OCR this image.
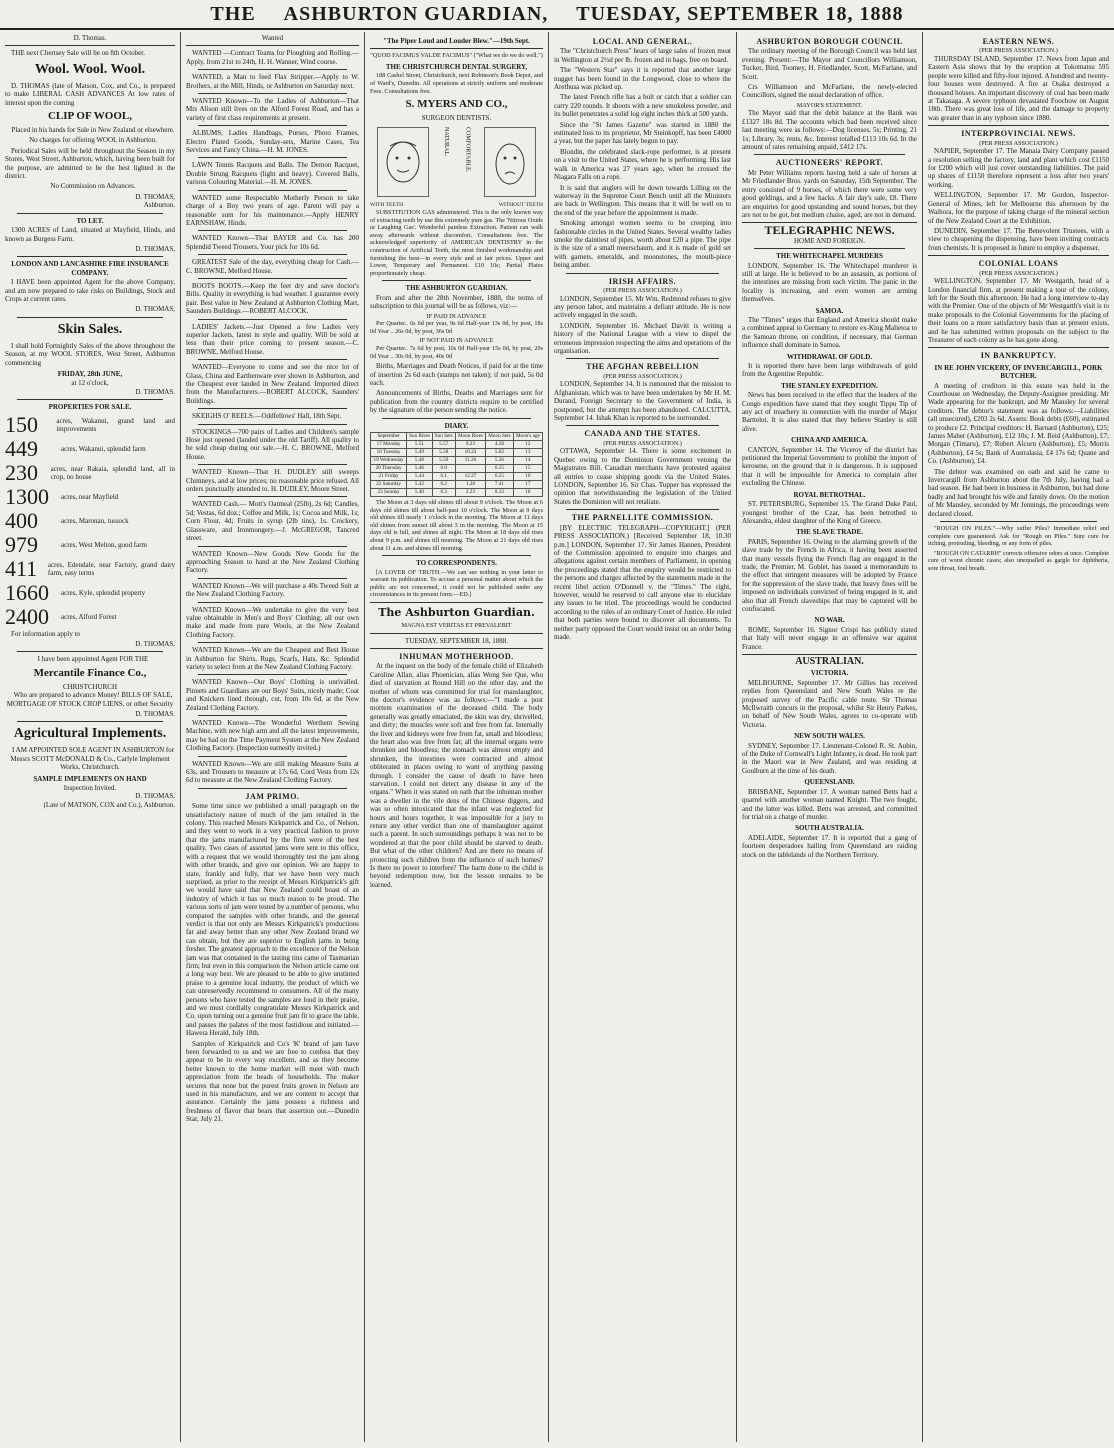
THE	ASHBURTON GUARDIAN,	TUESDAY, SEPTEMBER 18, 1888
D. Thomas.

THE next Chertsey Sale will be on 8th October.

Wool. Wool. Wool.

D. THOMAS (late of Matson, Cox, and Co., is prepared to make LIBERAL CASH ADVANCES At low rates of interest upon the coming

CLIP OF WOOL,

Placed in his hands for Sale in New Zealand or elsewhere.

No charges for offering WOOL in Ashburton.

Periodical Sales will be held throughout the Season in my Stores, West Street, Ashburton, which, having been built for the purpose, are admitted to be the best lighted in the district.

No Commission on Advances.

D. THOMAS,
Ashburton.
TO LET.

1300 ACRES of Land, situated at Mayfield, Hinds, and known as Burgess Farm.

D. THOMAS,
LONDON AND LANCASHIRE FIRE INSURANCE COMPANY.

I HAVE been appointed Agent for the above Company, and am now prepared to take risks on Buildings, Stock and Crops at current rates.

D. THOMAS,
Skin Sales.

I shall hold Fortnightly Sales of the above throughout the Season, at my WOOL STORES, West Street, Ashburton commencing

FRIDAY, 28th JUNE,
at 12 o'clock,
D. THOMAS.
PROPERTIES FOR SALE.
150	acres, Wakanui, grand land and improvements
449	acres, Wakanui, splendid farm
230	acres, near Rakaia, splendid land, all in crop, no house
1300	acres, near Mayfield
400	acres, Maronan, tussock
979	acres, West Melton, good farm
411	acres, Edendale, near Factory, grand dairy farm, easy terms
1660	acres, Kyle, splendid property
2400	acres, Alford Forest

For information apply to

D. THOMAS,

I have been appointed Agent FOR THE

Mercantile Finance Co.,
CHRISTCHURCH

Who are prepared to advance Money! BILLS OF SALE, MORTGAGE OF STOCK CROP LIENS, or other Security

D. THOMAS.
Agricultural Implements.

I AM APPOINTED SOLE AGENT IN ASHBURTON for Messrs SCOTT McDONALD & Co., Carlyle Implement Works, Christchurch.

SAMPLE IMPLEMENTS ON HAND
Inspection Invited.
D. THOMAS,
(Late of MATSON, COX and Co.), Ashburton.
Wanted

WANTED —Contract Teams for Ploughing and Rolling.—Apply, from 21st to 24th, H. H. Wanner, Wind course.

WANTED, a Man to feed Flax Stripper.—Apply to W. Brothers, at the Mill, Hinds, or Ashburton on Saturday next.

WANTED Known—To the Ladies of Ashburton—That Mrs Alison still lives on the Alford Forest Road, and has a variety of first class requirements at present.

ALBUMS, Ladies Handbags, Purses, Photo Frames, Electro Plated Goods, Sunday-sets, Marine Cases, Tea Services and Fancy China.—H. M. JONES.

LAWN Tennis Racquets and Balls. The Demon Racquet, Double Strung Racquets (light and heavy). Covered Balls, various Colouring Material.—H. M. JONES.

WANTED some Respectable Motherly Person to take charge of a Boy two years of age. Parent will pay a reasonable sum for his maintenance.—Apply HENRY EARNSHAW, Hinds.

WANTED Known—That BAYER and Co. has 200 Splendid Tweed Trousers. Your pick for 10s 6d.

GREATEST Sale of the day, everything cheap for Cash.—C. BROWNE, Melford House.

BOOTS BOOTS.—Keep the feet dry and save doctor's Bills. Quality in everything is bad weather. I guarantee every pair. Best value in New Zealand at Ashburton Clothing Mart, Saunders Buildings.—ROBERT ALCOCK.

LADIES' Jackets.—Just Opened a few Ladies very superior Jackets, latest in style and quality. Will be sold at less than their price coming to present season.—C. BROWNE, Melford House.

WANTED—Everyone to come and see the nice lot of Glass, China and Earthenware ever shown in Ashburton, and the Cheapest ever landed in New Zealand. Imported direct from the Manufacturers.—ROBERT ALCOCK, Saunders' Buildings.

SKEIGHS O' REELS.—Oddfellows' Hall, 18th Sept.

STOCKINGS—700 pairs of Ladies and Children's sample Hose just opened (landed under the old Tariff). All quality to be sold cheap during our sale.—H. C. BROWNE, Melford House.

WANTED Known—That H. DUDLEY still sweeps Chimneys, and at low prices; no reasonable price refused. All orders punctually attended to. H. DUDLEY, Moore Street.

WANTED Cash.— Mott's Oatmeal (25lb), 2s 6d; Candles, 5d; Vestas, 6d doz.; Coffee and Milk, 1s; Cocoa and Milk, 1s; Corn Flour, 4d; Fruits in syrup (2lb tins), 1s. Crockery, Glassware, and Ironmongery.—J. McGREGOR, Tancred street.

WANTED Known—New Goods New Goods for the approaching Season to hand at the New Zealand Clothing Factory.

WANTED Known—We will purchase a 40s Tweed Suit at the New Zealand Clothing Factory.

WANTED Known—We undertake to give the very best value obtainable in Men's and Boys' Clothing; all our own make and made from pure Wools, at the New Zealand Clothing Factory.

WANTED Known—We are the Cheapest and Best House in Ashburton for Shirts, Rugs, Scarfs, Hats, &c. Splendid variety to select from at the New Zealand Clothing Factory.

WANTED Known—Our Boys' Clothing is unrivalled. Pinnets and Guardians are our Boys' Suits, nicely made; Coat and Knickers lined through, cut, from 10s 6d, at the New Zealand Clothing Factory.

WANTED Known—The Wonderful Werthem Sewing Machine, with new high arm and all the latest improvements, may be had on the Time Payment System at the New Zealand Clothing Factory. (Inspection earnestly invited.)

WANTED Known—We are still making Measure Suits at 63s, and Trousers to measure at 17s 6d, Cord Vests from 12s 6d to measure at the New Zealand Clothing Factory.

JAM PRIMO.

Some time since we published a small paragraph on the unsatisfactory nature of much of the jam retailed in the colony. This reached Messrs Kirkpatrick and Co., of Nelson, and they went to work in a very practical fashion to prove that the jams manufactured by the firm were of the best quality. Two cases of assorted jams were sent to this office, with a request that we would thoroughly test the jam along with other brands, and give our opinion. We are happy to state, frankly and fully, that we have been very much surprised, as prior to the receipt of Messrs Kirkpatrick's gift we would have said that New Zealand could boast of an industry of which it has so much reason to be proud. The various sorts of jam were tested by a number of persons, who compared the samples with other brands, and the general verdict is that not only are Messrs Kirkpatrick's productions far and away better than any other New Zealand brand we can obtain, but they are superior to English jams in being fresher. The greatest approach to the excellence of the Nelson jam was that contained in the tasting tins came of Tasmanian firm; but even in this comparison the Nelson article came out a long way best. We are pleased to be able to give unstinted praise to a genuine local industry, the product of which we can unreservedly recommend to consumers. All of the many persons who have tested the samples are loud in their praise, and we must cordially congratulate Messrs Kirkpatrick and Co. upon turning out a genuine fruit jam fit to grace the table, and passes the palates of the most fastidious and initiated.—Hawera Herald, July 18th.

Samples of Kirkpatrick and Co's 'K' brand of jam have been forwarded to us and we are free to confess that they appear to be in every way excellent, and as they become better known to the home market will meet with much appreciation from the heads of households. The maker secures that none but the purest fruits grown in Nelson are used in his manufacture, and we are content to accept that assurance. Certainly the jams possess a richness and freshness of flavor that bears that assertion out.—Dunedin Star, July 21.

"The Piper Loud and Louder Blew."—19th Sept.
"QUOD FACIMUS VALDE FACIMUS" ("What we do we do well.")
THE CHRISTCHURCH DENTAL SURGERY,

188 Cashel Street, Christchurch, next Robinson's Book Depot, and of Ward's, Dunedin. All operations at strictly uniform and moderate Fees. Consultations free.

S. MYERS AND CO.,
SURGEON DENTISTS.
NATURAL.	COMFORTABLE.
WITH TEETH	WITHOUT TEETH

SUBSTITUTION GAS administered. This is the only known way of extracting teeth by use this extremely pure gas. The 'Nitrous Oxide or Laughing Gas'. Wonderful painless Extraction. Patient can walk away afterwards without discomfort. Consultations free. The acknowledged superiority of AMERICAN DENTISTRY in the construction of Artificial Teeth, the most finished workmanship and furnishing the best—in every style and at fair prices. Upper and Lower, Temporary and Permanent. £10 10s; Partial Plates proportionately cheap.

THE ASHBURTON GUARDIAN.

From and after the 28th November, 1888, the terms of subscription to this journal will be as follows, viz:—

IF PAID IN ADVANCE

Per Quarter.. 6s 6d per year, 9s 6d Half-year 13s 0d, by post, 18s 0d Year .. 26s 0d, by post, 36s 0d

IF NOT PAID IN ADVANCE

Per Quarter.. 7s 6d by post, 10s 0d Half-year 15s 0d, by post, 20s 0d Year .. 30s 0d, by post, 40s 0d

Births, Marriages and Death Notices, if paid for at the time of insertion 2s 6d each (stamps not taken); if not paid, 5s 0d each.

Announcements of Births, Deaths and Marriages sent for publication from the country districts require to be certified by the signature of the person sending the notice.

DIARY.
September	Sun Rises	Sun Sets	Moon Rises	Moon Sets	Moon's age
17 Monday	5.51	5.57	9.23	4.28	12
18 Tuesday	5.49	5.58	10.23	5.02	13
19 Wednesday	5.48	5.59	11.26	5.36	14
20 Thursday	5.46	6.0		6.15	15
21 Friday	5.44	6.1	12.27	6.55	16
22 Saturday	5.42	6.2	1.28	7.41	17
23 Sunday	5.40	6.3	2.23	8.33	18

The Moon at 3 days old shines till about 9 o'clock. The Moon at 6 days old shines till about half-past 10 o'clock. The Moon at 9 days old shines till nearly 1 o'clock in the morning. The Moon at 11 days old shines from sunset till about 3 in the morning. The Moon at 15 days old is full, and shines all night. The Moon at 18 days old rises about 9 p.m. and shines till morning. The Moon at 21 days old rises about 11 a.m. and shines till morning.

TO CORRESPONDENTS.

[A LOVER OF TRUTH.—We can see nothing in your letter to warrant its publication. To accuse a personal matter about which the public are not concerned, it could not be published under any circumstances in its present form.—ED.]

The Ashburton Guardian.
MAGNA EST VERITAS ET PREVALEBIT
TUESDAY, SEPTEMBER 18, 1888.
INHUMAN MOTHERHOOD.

At the inquest on the body of the female child of Elizabeth Caroline Allan, alias Phoenician, alias Wong See Que, who died of starvation at Round Hill on the other day, and the mother of whom was committed for trial for manslaughter, the doctor's evidence was as follows:—"I made a post mortem examination of the deceased child. The body generally was greatly emaciated, the skin was dry, shrivelled, and dirty; the muscles were soft and free from fat. Internally the liver and kidneys were free from fat, small and bloodless; the heart also was free from fat; all the internal organs were shrunken and bloodless; the stomach was almost empty and shrunken, the intestines were contracted and almost obliterated in places owing to want of anything passing through. I consider the cause of death to have been starvation. I could not detect any disease in any of the organs." When it was stated on oath that the inhuman mother was a dweller in the vile dens of the Chinese diggers, and was so often intoxicated that the infant was neglected for hours and hours together, it was impossible for a jury to return any other verdict than one of manslaughter against such a parent. In such surroundings perhaps it was not to be wondered at that the poor child should be starved to death. But what of the other children? And are there no means of protecting such children from the influence of such homes? Is there no power to interfere? The harm done to the child is beyond redemption now, but the lesson remains to be learned.

LOCAL AND GENERAL.

The "Christchurch Press" hears of large sales of frozen meat in Wellington at 2½d per lb. frozen and in bags, free on board.

The "Western Star" says it is reported that another large nugget has been found in the Longwood, close to where the Arethusa was picked up.

The latest French rifle has a bolt or catch that a soldier can carry 220 rounds. It shoots with a new smokeless powder, and its bullet penetrates a solid log eight inches thick at 500 yards.

Since the "St James Gazette" was started in 1880 the estimated loss to its proprietor, Mr Steinkopff, has been £4000 a year, but the paper has lately begun to pay.

Blondin, the celebrated slack-rope performer, is at present on a visit to the United States, where he is performing. His last walk in America was 27 years ago, when he crossed the Niagara Falls on a rope.

It is said that anglers will be down towards Lilling on the waterway in the Supreme Court Bench until all the Ministers are back in Wellington. This means that it will be well on to the end of the year before the appointment is made.

Smoking amongst women seems to be creeping into fashionable circles in the United States. Several wealthy ladies smoke the daintiest of pipes, worth about £20 a pipe. The pipe is the size of a small meerschaum, and it is made of gold set with garnets, emeralds, and moonstones, the mouth-piece being amber.

IRISH AFFAIRS.
(PER PRESS ASSOCIATION.)

LONDON, September 15. Mr Wm. Redmond refuses to give any person labor, and maintains a defiant attitude. He is now actively engaged in the south.

LONDON, September 16. Michael Davitt is writing a history of the National League with a view to dispel the erroneous impression respecting the aims and operations of the organisation.

THE AFGHAN REBELLION
(PER PRESS ASSOCIATION.)

LONDON, September 14. It is rumoured that the mission to Afghanistan, which was to have been undertaken by Mr H. M. Durand, Foreign Secretary to the Government of India, is postponed, but the attempt has been abandoned. CALCUTTA, September 14. Ishak Khan is reported to be surrounded.

CANADA AND THE STATES.
(PER PRESS ASSOCIATION.)

OTTAWA, September 14. There is some excitement in Quebec owing to the Dominion Government vetoing the Magistrates Bill. Canadian merchants have protested against all entries to cease shipping goods via the United States. LONDON, September 16. Sir Chas. Tupper has expressed the opinion that notwithstanding the legislation of the United States the Dominion will not retaliate.

THE PARNELLITE COMMISSION.

[BY ELECTRIC TELEGRAPH—COPYRIGHT.] (PER PRESS ASSOCIATION.) [Received September 18, 10.30 p.m.] LONDON, September 17. Sir James Hannen, President of the Commission appointed to enquire into charges and allegations against certain members of Parliament, in opening the proceedings stated that the enquiry would be restricted to the persons and charges affected by the statements made in the recent libel action O'Donnell v. the "Times." The right, however, would be reserved to call anyone else to elucidate any issues to be tried. The proceedings would be conducted according to the rules of an ordinary Court of Justice. He ruled that both parties were bound to discover all documents. To neither party opposed the Court would insist on an order being made.

ASHBURTON BOROUGH COUNCIL

The ordinary meeting of the Borough Council was held last evening. Present:—The Mayor and Councillors Williamson, Tucker, Bird, Toomey, H. Friedlander, Scott, McFarlane, and Scott.

Crs Williamson and McFarlane, the newly-elected Councillors, signed the usual declaration of office.

MAYOR'S STATEMENT.

The Mayor said that the debit balance at the Bank was £1327 18s 8d. The accounts which had been received since last meeting were as follows:—Dog licenses, 5s; Printing, 21 1s; Library, 3s; rents, &c. Interest totalled £113 10s 6d. In the amount of rates remaining unpaid, £412 17s.

AUCTIONEERS' REPORT.

Mr Peter Williams reports having held a sale of horses at Mr Friedlander Bros. yards on Saturday, 15th September. The entry consisted of 9 horses, of which there were some very good geldings, and a few hacks. A fair day's sale, £8. There are enquiries for good upstanding and sound horses, but they are not to be got, but medium chaise, aged, are not in demand.

TELEGRAPHIC NEWS.
HOME AND FOREIGN.
THE WHITECHAPEL MURDERS

LONDON, September 16. The Whitechapel murderer is still at large. He is believed to be an assassin, as portions of the intestines are missing from each victim. The panic in the locality is increasing, and even women are arming themselves.

SAMOA.

The "Times" urges that England and America should make a combined appeal to Germany to restore ex-King Malietoa to the Samoan throne, on condition, if necessary, that German influence shall dominate in Samoa.

WITHDRAWAL OF GOLD.

It is reported there have been large withdrawals of gold from the Argentine Republic.

THE STANLEY EXPEDITION.

News has been received to the effect that the leaders of the Congo expedition have stated that they sought Tippu Tip of any act of treachery in connection with the murder of Major Barttelot. It is also stated that they believe Stanley is still alive.

CHINA AND AMERICA.

CANTON, September 14. The Viceroy of the district has petitioned the Imperial Government to prohibit the import of kerosene, on the ground that it is dangerous. It is supposed that it will be impossible for America to complain after excluding the Chinese.

ROYAL BETROTHAL.

ST. PETERSBURG, September 15. The Grand Duke Paul, youngest brother of the Czar, has been betrothed to Alexandra, eldest daughter of the King of Greece.

THE SLAVE TRADE.

PARIS, September 16. Owing to the alarming growth of the slave trade by the French in Africa, it having been asserted that many vessels flying the French flag are engaged in the trade, the Premier, M. Goblet, has issued a memorandum to the effect that stringent measures will be adopted by France for the suppression of the slave trade, that heavy fines will be imposed on individuals convicted of being engaged in it, and also that all French slaveships that may be captured will be confiscated.

NO WAR.

ROME, September 16. Signor Crispi has publicly stated that Italy will never engage in an offensive war against France.

AUSTRALIAN.
VICTORIA.

MELBOURNE, September 17. Mr Gillies has received replies from Queensland and New South Wales re the proposed survey of the Pacific cable route. Sir Thomas McIlwraith concurs in the proposal, whilst Sir Henry Parkes, on behalf of New South Wales, agrees to co-operate with Victoria.

NEW SOUTH WALES.

SYDNEY, September 17. Lieutenant-Colonel R. St. Aubin, of the Duke of Cornwall's Light Infantry, is dead. He took part in the Maori war in New Zealand, and was residing at Goulburn at the time of his death.

QUEENSLAND.

BRISBANE, September 17. A woman named Betts had a quarrel with another woman named Knight. The two fought, and the latter was killed. Betts was arrested, and committed for trial on a charge of murder.

SOUTH AUSTRALIA.

ADELAIDE, September 17. It is reported that a gang of fourteen desperadoes hailing from Queensland are raiding stock on the tablelands of the Northern Territory.

EASTERN NEWS.
(PER PRESS ASSOCIATION.)

THURSDAY ISLAND, September 17. News from Japan and Eastern Asia shows that by the eruption at Tokomatsu 595 people were killed and fifty-four injured. A hundred and twenty-four houses were destroyed. A fire at Osaka destroyed a thousand houses. An important discovery of coal has been made at Takasaga. A severe typhoon devastated Foochow on August 18th. There was great loss of life, and the damage to property was greater than in any typhoon since 1880.

INTERPROVINCIAL NEWS.
(PER PRESS ASSOCIATION.)

NAPIER, September 17. The Manaia Dairy Company passed a resolution selling the factory, land and plant which cost £1150 for £200 which will just cover outstanding liabilities. The paid up shares of £1150 therefore represent a loss after two years' working.

WELLINGTON, September 17. Mr Gordon, Inspector-General of Mines, left for Melbourne this afternoon by the Waihora, for the purpose of taking charge of the mineral section of the New Zealand Court at the Exhibition.

DUNEDIN, September 17. The Benevolent Trustees, with a view to cheapening the dispensing, have been inviting contracts from chemists. It is proposed in future to employ a dispenser.

COLONIAL LOANS
(PER PRESS ASSOCIATION.)

WELLINGTON, September 17. Mr Westgarth, head of a London financial firm, at present making a tour of the colony, left for the South this afternoon. He had a long interview to-day with the Premier. One of the objects of Mr Westgarth's visit is to make proposals to the Colonial Governments for the placing of their loans on a more satisfactory basis than at present exists, and he has submitted written proposals on the subject to the Treasurer of each colony as he has gone along.

IN BANKRUPTCY.
IN RE JOHN VICKERY, OF INVERCARGILL, PORK BUTCHER.

A meeting of creditors in this estate was held in the Courthouse on Wednesday, the Deputy-Assignee presiding. Mr Wade appearing for the bankrupt, and Mr Mansley for several creditors. The debtor's statement was as follows:—Liabilities (all unsecured), £203 2s 6d. Assets: Book debts (£60), estimated to produce £2. Principal creditors: H. Barnard (Ashburton), £25; James Maher (Ashburton), £12 10s; J. M. Reid (Ashburton), £7; Morgan (Timaru), £7; Robert Alcorn (Ashburton), £5; Morris (Ashburton), £4 5s; Bank of Australasia, £4 17s 6d; Quane and Co. (Ashburton), £4.

The debtor was examined on oath and said he came to Invercargill from Ashburton about the 7th July, having had a bad season. He had been in business in Ashburton, but had done badly and had brought his wife and family down. On the motion of Mr Mansley, seconded by Mr Jennings, the proceedings were declared closed.

"ROUGH ON PILES."—Why suffer Piles? Immediate relief and complete cure guaranteed. Ask for "Rough on Piles." Sure cure for itching, protruding, bleeding, or any form of piles.

"ROUGH ON CATARRH" corrects offensive odors at once. Complete cure of worst chronic cases; also unequalled as gargle for diphtheria, sore throat, foul breath.
